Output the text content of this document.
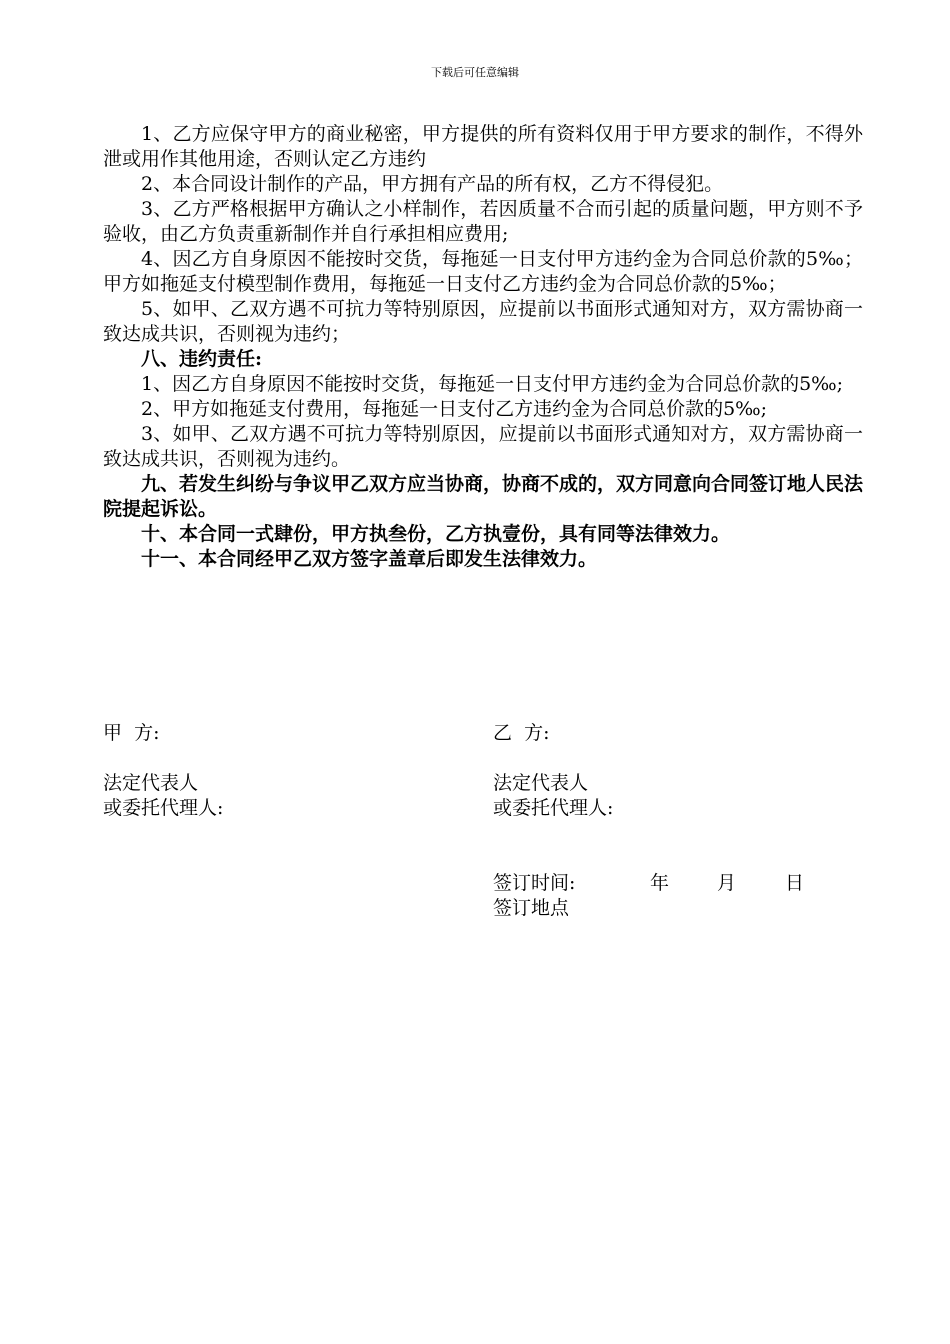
下载后可任意编辑

1、乙方应保守甲方的商业秘密，甲方提供的所有资料仅用于甲方要求的制作，不得外泄或用作其他用途，否则认定乙方违约

2、本合同设计制作的产品，甲方拥有产品的所有权，乙方不得侵犯。

3、乙方严格根据甲方确认之小样制作，若因质量不合而引起的质量问题，甲方则不予验收，由乙方负责重新制作并自行承担相应费用;

4、因乙方自身原因不能按时交货，每拖延一日支付甲方违约金为合同总价款的5‰；甲方如拖延支付模型制作费用，每拖延一日支付乙方违约金为合同总价款的5‰；

5、如甲、乙双方遇不可抗力等特别原因，应提前以书面形式通知对方，双方需协商一致达成共识，否则视为违约；

八、违约责任:

1、因乙方自身原因不能按时交货，每拖延一日支付甲方违约金为合同总价款的5‰;

2、甲方如拖延支付费用，每拖延一日支付乙方违约金为合同总价款的5‰;

3、如甲、乙双方遇不可抗力等特别原因，应提前以书面形式通知对方，双方需协商一致达成共识，否则视为违约。

九、若发生纠纷与争议甲乙双方应当协商，协商不成的，双方同意向合同签订地人民法院提起诉讼。

十、本合同一式肆份，甲方执叁份，乙方执壹份，具有同等法律效力。

十一、本合同经甲乙双方签字盖章后即发生法律效力。

甲  方:	乙  方:
法定代表人
或委托代理人:
法定代表人
或委托代理人:
签订时间:	年	月	日
签订地点
